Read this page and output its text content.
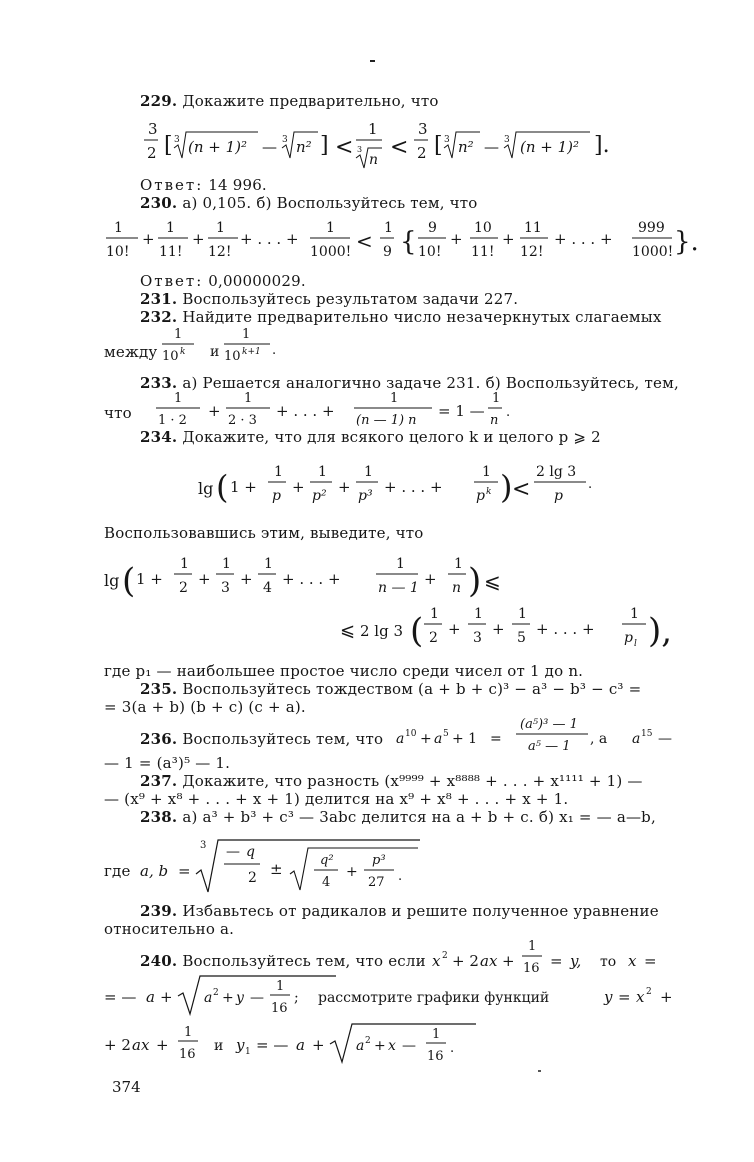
229. Докажите предварительно, что
3
2 [ 3 (n + 1)² — 3 n² ] <
1
3
n <
3
2 [ 3 n² — 3 (n + 1)² ].
Ответ: 14 996.
230. а) 0,105. б) Воспользуйтесь тем, что
1
10!
+
1
11!
+
1
12!
+ . . . +
1
1000! <
1
9 { 9
10!
+
10
11!
+
11
12!
+ . . . +
999
1000! }.
Ответ: 0,00000029.
231. Воспользуйтесь результатом задачи 227.
232. Найдите предварительно число незачеркнутых слагаемых
между
1
10 k и
1
10 k+1 .
233. а) Решается аналогично задаче 231. б) Воспользуйтесь, тем,
что
1
1 · 2
+
1
2 · 3
+ . . . +
1
(n — 1) n
= 1 —
1
n
.
234. Докажите, что для всякого целого k и целого p ⩾ 2
lg ( 1 +
1
p +
1
p² +
1
p³ + . . . +
1
p k ) <
2 lg 3
p
.
Воспользовавшись этим, выведите, что
lg ( 1 +
1
2 +
1
3 +
1
4 + . . . +
1
n — 1 +
1
n ) ⩽
⩽ 2 lg 3 ( 1
2 +
1
3 +
1
5 + . . . +
1
p l ),
где p₁ — наибольшее простое число среди чисел от 1 до n.
235. Воспользуйтесь тождеством (a + b + c)³ − a³ − b³ − c³ =
= 3(a + b) (b + c) (c + a).
236. Воспользуйтесь тем, что a 10 + a 5 + 1 =
(a⁵)³ — 1
a⁵ — 1 , а a 15 —
— 1 = (a³)⁵ — 1.
237. Докажите, что разность (x⁹⁹⁹⁹ + x⁸⁸⁸⁸ + . . . + x¹¹¹¹ + 1) —
— (x⁹ + x⁸ + . . . + x + 1) делится на x⁹ + x⁸ + . . . + x + 1.
238. а) a³ + b³ + c³ — 3abc делится на a + b + c. б) x₁ = — a—b,
где a, b =
3 — q
2 ±	q²
4
+
p³
27 .
239. Избавьтесь от радикалов и решите полученное уравнение
относительно a.
240. Воспользуйтесь тем, что если x 2 + 2 ax +
1
16 = y, то x =
= — a + a 2 + y —
1
16
; рассмотрите графики функций	y = x 2 +
+ 2 ax +
1
16
и y 1 = — a + a 2 + x —
1
16
.
374
